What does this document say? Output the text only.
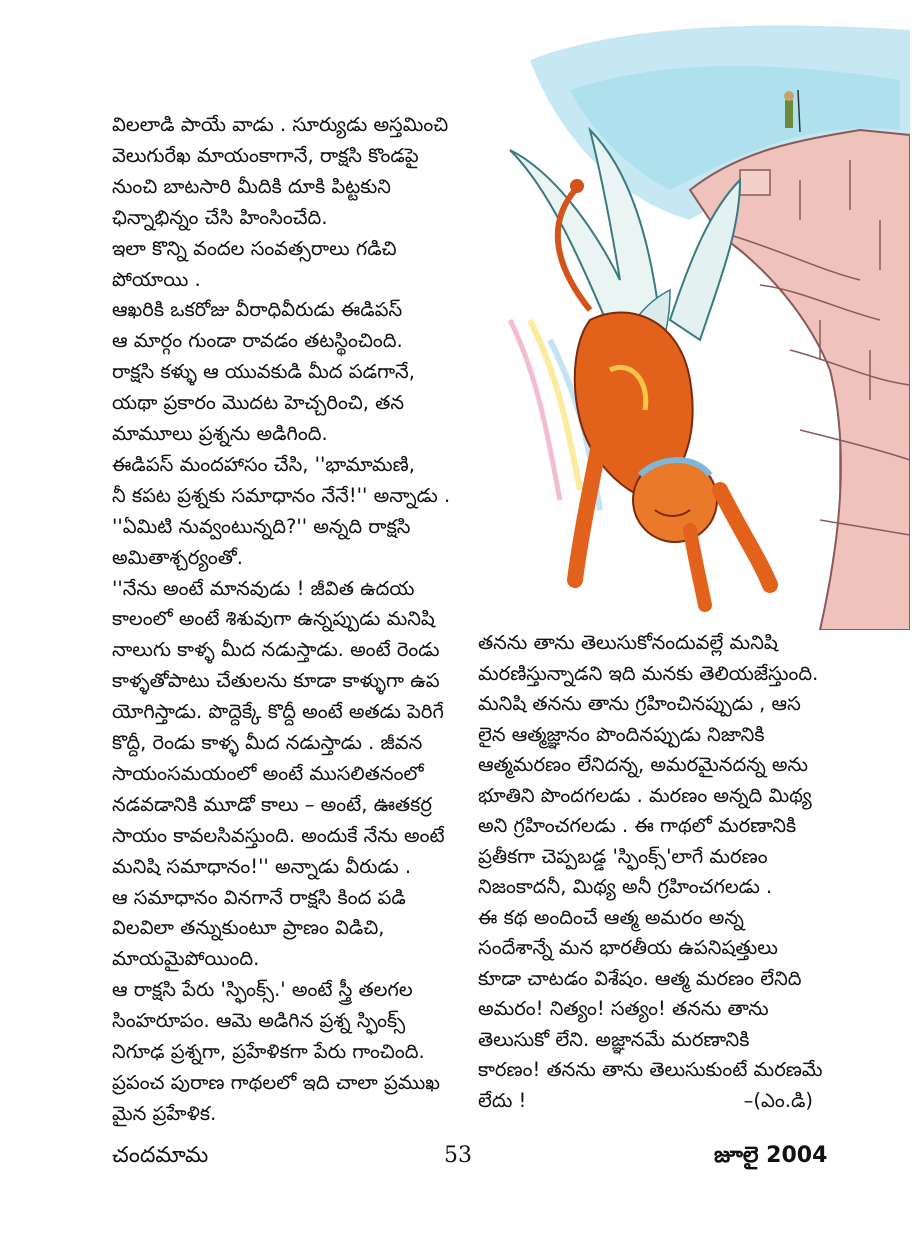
విలలాడి పాయే వాడు . సూర్యుడు అస్తమించి
వెలుగురేఖ మాయంకాగానే, రాక్షసి కొండపై
నుంచి బాటసారి మీదికి దూకి పిట్టకుని
ఛిన్నాభిన్నం చేసి హింసించేది.
ఇలా కొన్ని వందల సంవత్సరాలు గడిచి
పోయాయి .
ఆఖరికి ఒకరోజు వీరాధివీరుడు ఈడిపస్
ఆ మార్గం గుండా రావడం తటస్థించింది.
రాక్షసి కళ్ళు ఆ యువకుడి మీద పడగానే,
యథా ప్రకారం మొదట హెచ్చరించి, తన
మామూలు ప్రశ్నను అడిగింది.
ఈడిపస్ మందహాసం చేసి, ''భామామణి,
నీ కపట ప్రశ్నకు సమాధానం నేనే!'' అన్నాడు .
''ఏమిటి నువ్వంటున్నది?'' అన్నది రాక్షసి
అమితాశ్చర్యంతో.
''నేను అంటే మానవుడు ! జీవిత ఉదయ
కాలంలో అంటే శిశువుగా ఉన్నప్పుడు మనిషి
నాలుగు కాళ్ళ మీద నడుస్తాడు. అంటే రెండు
కాళ్ళతోపాటు చేతులను కూడా కాళ్ళుగా ఉప
యోగిస్తాడు. పొద్దెక్కే కొద్దీ అంటే అతడు పెరిగే
కొద్దీ, రెండు కాళ్ళ మీద నడుస్తాడు . జీవన
సాయంసమయంలో అంటే ముసలితనంలో
నడవడానికి మూడో కాలు – అంటే, ఊతకర్ర
సాయం కావలసివస్తుంది. అందుకే నేను అంటే
మనిషి సమాధానం!'' అన్నాడు వీరుడు .
ఆ సమాధానం వినగానే రాక్షసి కింద పడి
విలవిలా తన్నుకుంటూ ప్రాణం విడిచి,
మాయమైపోయింది.
ఆ రాక్షసి పేరు 'స్ఫింక్స్.' అంటే స్త్రీ తలగల
సింహరూపం. ఆమె అడిగిన ప్రశ్న స్ఫింక్స్
నిగూఢ ప్రశ్నగా, ప్రహేళికగా పేరు గాంచింది.
ప్రపంచ పురాణ గాథలలో ఇది చాలా ప్రముఖ
మైన ప్రహేళిక.
తనను తాను తెలుసుకోనందువల్లే మనిషి
మరణిస్తున్నాడని ఇది మనకు తెలియజేస్తుంది.
మనిషి తనను తాను గ్రహించినప్పుడు , ఆస
లైన ఆత్మజ్ఞానం పొందినప్పుడు నిజానికి
ఆత్మమరణం లేనిదన్న, అమరమైనదన్న అను
భూతిని పొందగలడు . మరణం అన్నది మిథ్య
అని గ్రహించగలడు . ఈ గాథలో మరణానికి
ప్రతీకగా చెప్పబడ్డ 'స్ఫింక్స్'లాగే మరణం
నిజంకాదనీ, మిథ్య అనీ గ్రహించగలడు .
ఈ కథ అందించే ఆత్మ అమరం అన్న
సందేశాన్నే మన భారతీయ ఉపనిషత్తులు
కూడా చాటడం విశేషం. ఆత్మ మరణం లేనిది
అమరం! నిత్యం! సత్యం! తనను తాను
తెలుసుకో లేని. అజ్ఞానమే మరణానికి
కారణం! తనను తాను తెలుసుకుంటే మరణమే
లేదు !	–(ఎం.డి)
చందమామ	53	జూలై 2004
